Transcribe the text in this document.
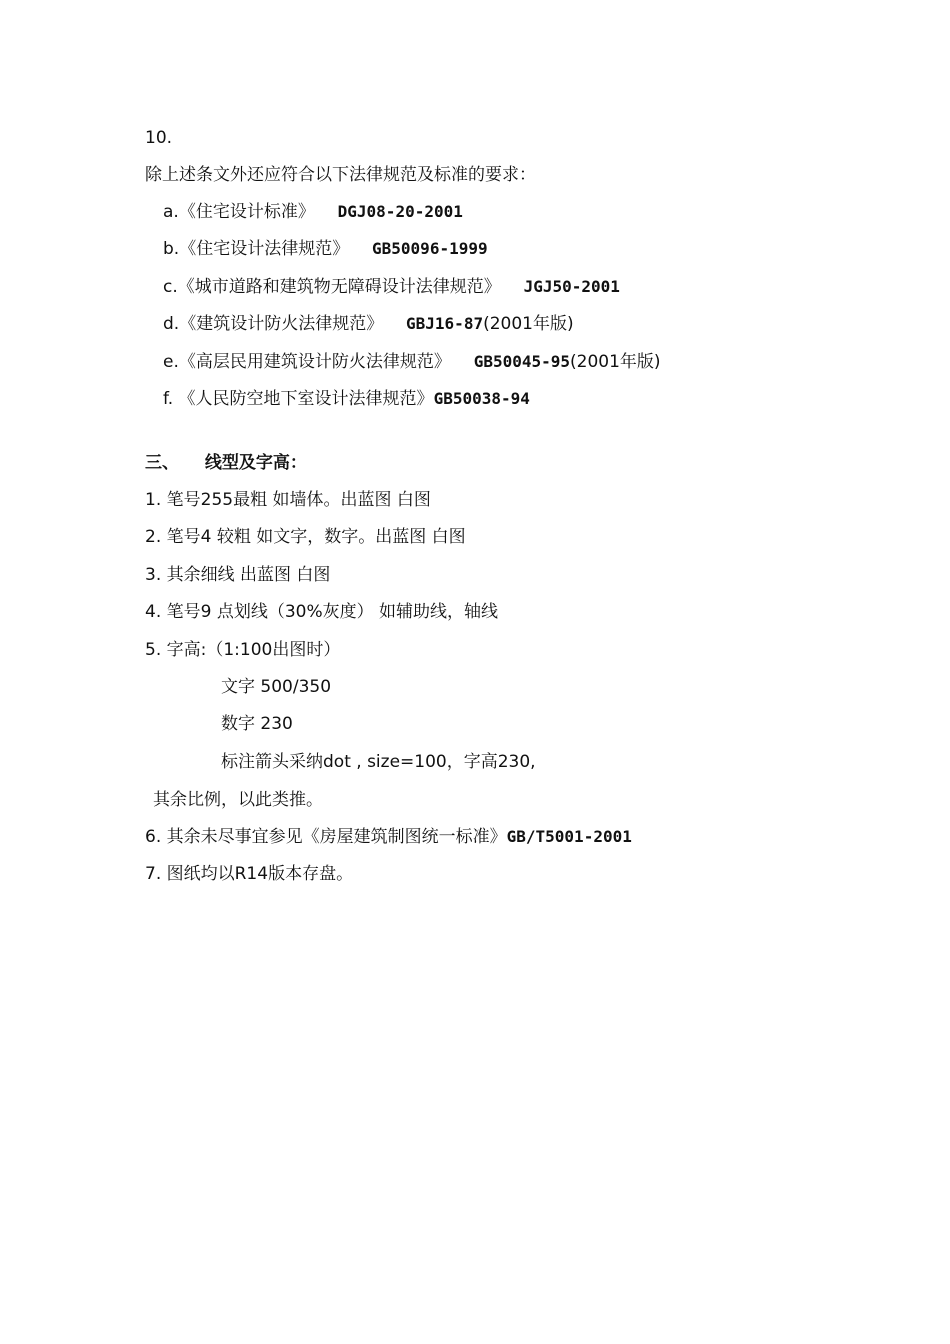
10.
除上述条文外还应符合以下法律规范及标准的要求：
a.《住宅设计标准》 DGJ08-20-2001
b.《住宅设计法律规范》 GB50096-1999
c.《城市道路和建筑物无障碍设计法律规范》 JGJ50-2001
d.《建筑设计防火法律规范》 GBJ16-87(2001年版)
e.《高层民用建筑设计防火法律规范》 GB50045-95(2001年版)
f. 《人民防空地下室设计法律规范》GB50038-94
三、 线型及字高：
1. 笔号255最粗 如墙体。出蓝图 白图
2. 笔号4 较粗 如文字，数字。出蓝图 白图
3. 其余细线 出蓝图 白图
4. 笔号9 点划线（30%灰度） 如辅助线，轴线
5. 字高:（1:100出图时）
文字 500/350
数字 230
标注箭头采纳dot , size=100，字高230,
其余比例，以此类推。
6. 其余未尽事宜参见《房屋建筑制图统一标准》GB/T5001-2001
7. 图纸均以R14版本存盘。
